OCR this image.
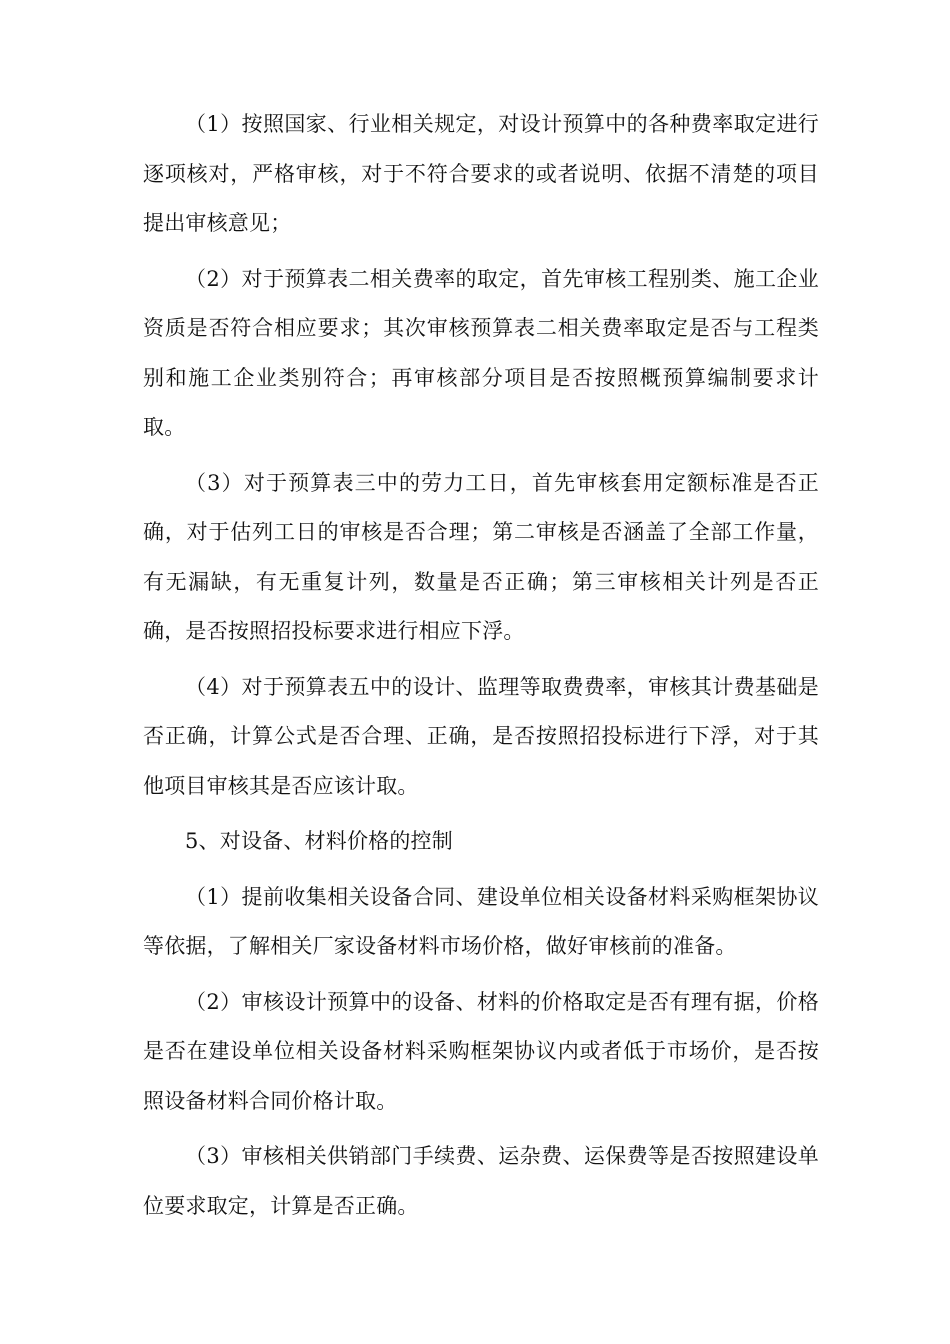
（1）按照国家、行业相关规定，对设计预算中的各种费率取定进行逐项核对，严格审核，对于不符合要求的或者说明、依据不清楚的项目提出审核意见；

（2）对于预算表二相关费率的取定，首先审核工程别类、施工企业资质是否符合相应要求；其次审核预算表二相关费率取定是否与工程类别和施工企业类别符合；再审核部分项目是否按照概预算编制要求计取。

（3）对于预算表三中的劳力工日，首先审核套用定额标准是否正确，对于估列工日的审核是否合理；第二审核是否涵盖了全部工作量，有无漏缺，有无重复计列，数量是否正确；第三审核相关计列是否正确，是否按照招投标要求进行相应下浮。

（4）对于预算表五中的设计、监理等取费费率，审核其计费基础是否正确，计算公式是否合理、正确，是否按照招投标进行下浮，对于其他项目审核其是否应该计取。

5、对设备、材料价格的控制

（1）提前收集相关设备合同、建设单位相关设备材料采购框架协议等依据，了解相关厂家设备材料市场价格，做好审核前的准备。

（2）审核设计预算中的设备、材料的价格取定是否有理有据，价格是否在建设单位相关设备材料采购框架协议内或者低于市场价，是否按照设备材料合同价格计取。

（3）审核相关供销部门手续费、运杂费、运保费等是否按照建设单位要求取定，计算是否正确。
